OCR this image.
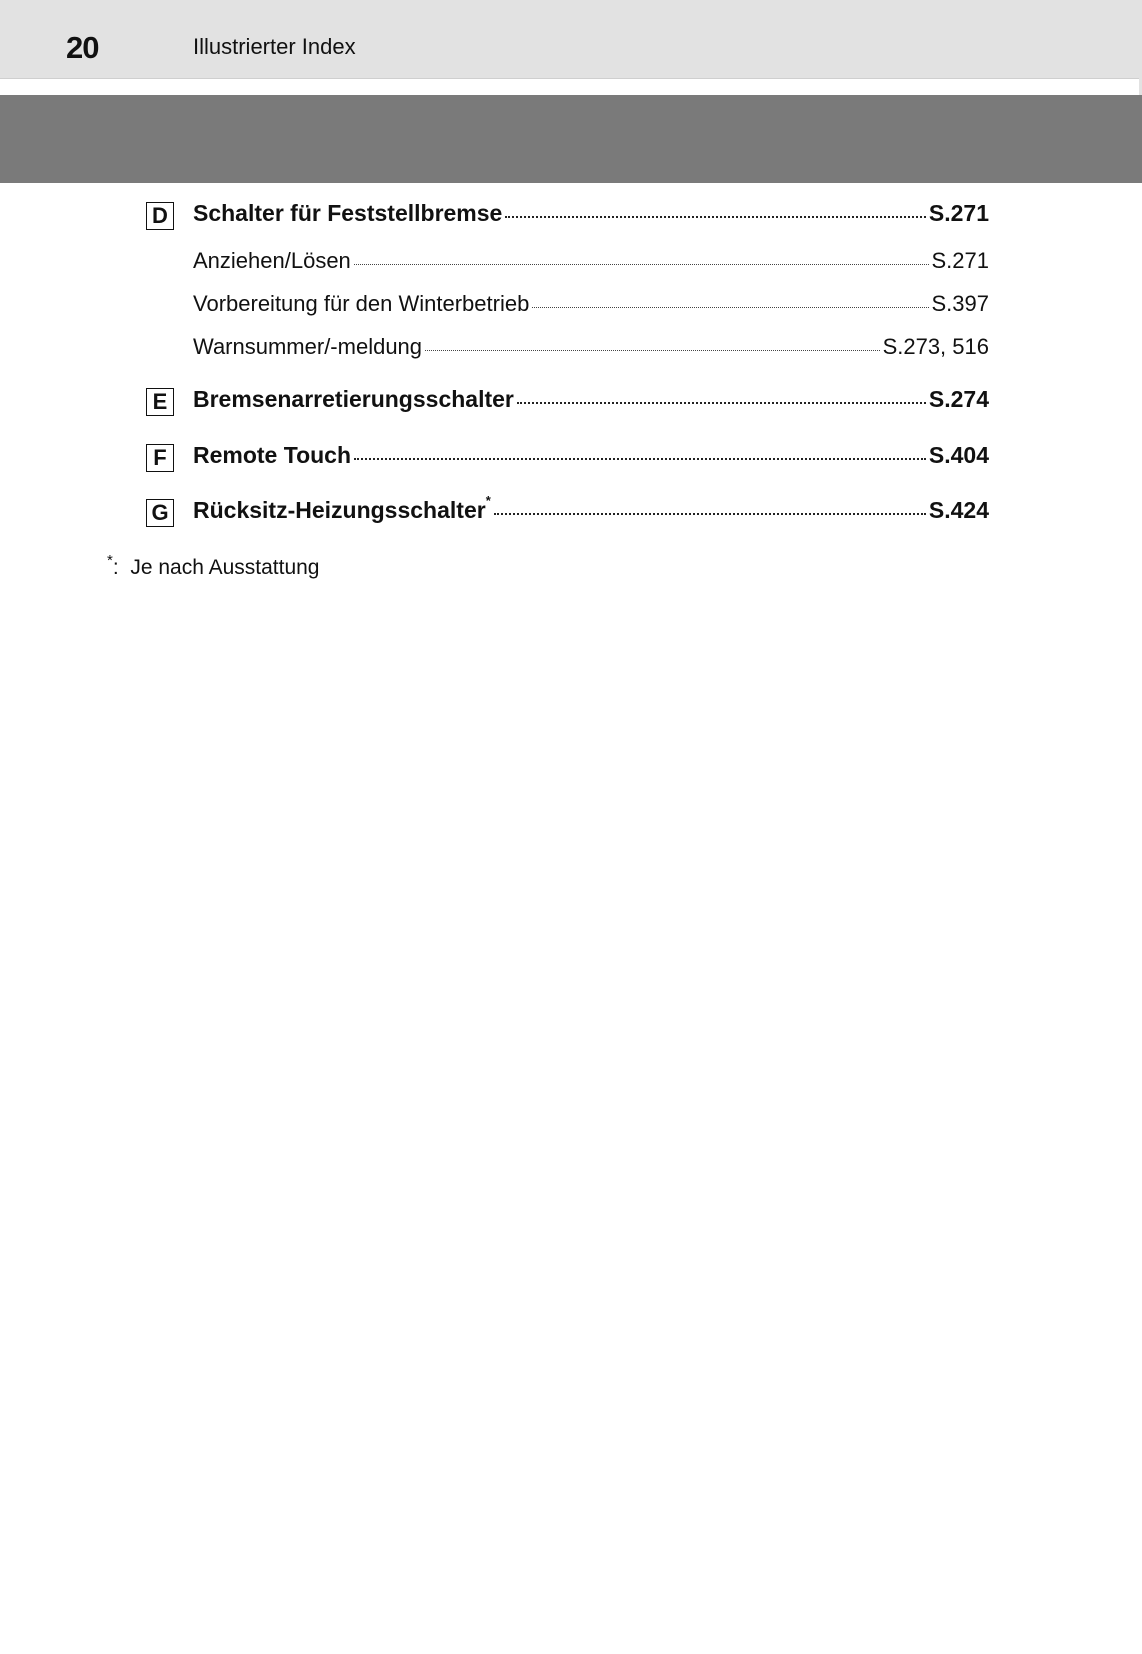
20	Illustrierter Index
D Schalter für Feststellbremse	S.271
Anziehen/Lösen	S.271
Vorbereitung für den Winterbetrieb	S.397
Warnsummer/-meldung	S.273, 516
E Bremsenarretierungsschalter	S.274
F	Remote Touch	S.404
G Rücksitz-Heizungsschalter*	S.424
*:  Je nach Ausstattung
